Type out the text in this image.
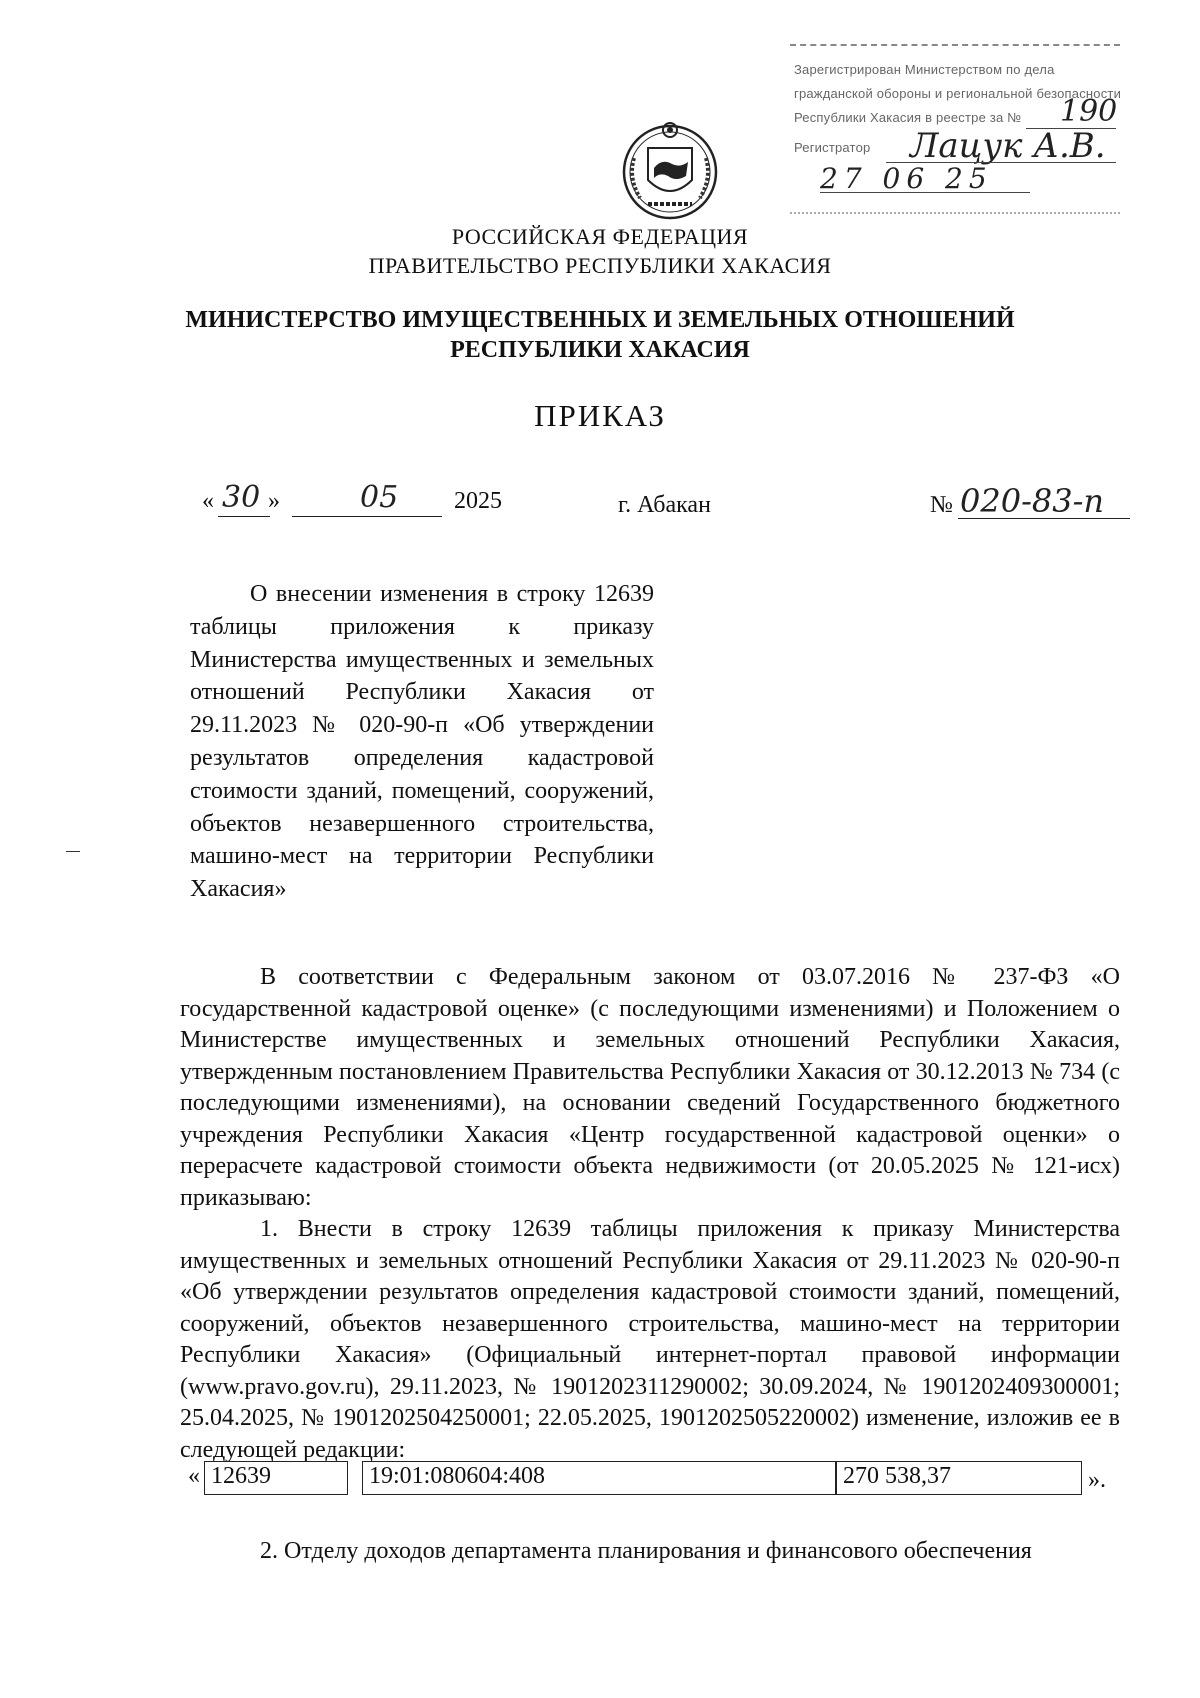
Зарегистрирован Министерством по дела
гражданской обороны и региональной безопасности
Республики Хакасия в реестре за № 190
Регистратор Лацук А.В.
27 06 25
РОССИЙСКАЯ ФЕДЕРАЦИЯ
ПРАВИТЕЛЬСТВО РЕСПУБЛИКИ ХАКАСИЯ
МИНИСТЕРСТВО ИМУЩЕСТВЕННЫХ И ЗЕМЕЛЬНЫХ ОТНОШЕНИЙ
РЕСПУБЛИКИ ХАКАСИЯ
ПРИКАЗ
« 30 »	05 2025	г. Абакан	№ 020-83-п

О внесении изменения в строку 12639 таблицы приложения к приказу Министерства имущественных и земельных отношений Республики Хакасия от 29.11.2023 № 020-90-п «Об утверждении результатов определения кадастровой стоимости зданий, помещений, сооружений, объектов незавершенного строительства, машино-мест на территории Республики Хакасия»

В соответствии с Федеральным законом от 03.07.2016 № 237-ФЗ «О государственной кадастровой оценке» (с последующими изменениями) и Положением о Министерстве имущественных и земельных отношений Республики Хакасия, утвержденным постановлением Правительства Республики Хакасия от 30.12.2013 № 734 (с последующими изменениями), на основании сведений Государственного бюджетного учреждения Республики Хакасия «Центр государственной кадастровой оценки» о перерасчете кадастровой стоимости объекта недвижимости (от 20.05.2025 № 121-исх) приказываю:

1. Внести в строку 12639 таблицы приложения к приказу Министерства имущественных и земельных отношений Республики Хакасия от 29.11.2023 № 020-90-п «Об утверждении результатов определения кадастровой стоимости зданий, помещений, сооружений, объектов незавершенного строительства, машино-мест на территории Республики Хакасия» (Официальный интернет-портал правовой информации (www.pravo.gov.ru), 29.11.2023, № 1901202311290002; 30.09.2024, № 1901202409300001; 25.04.2025, № 1901202504250001; 22.05.2025, 1901202505220002) изменение, изложив ее в следующей редакции:

« 12639	19:01:080604:408	270 538,37	».
2. Отделу доходов департамента планирования и финансового обеспечения
